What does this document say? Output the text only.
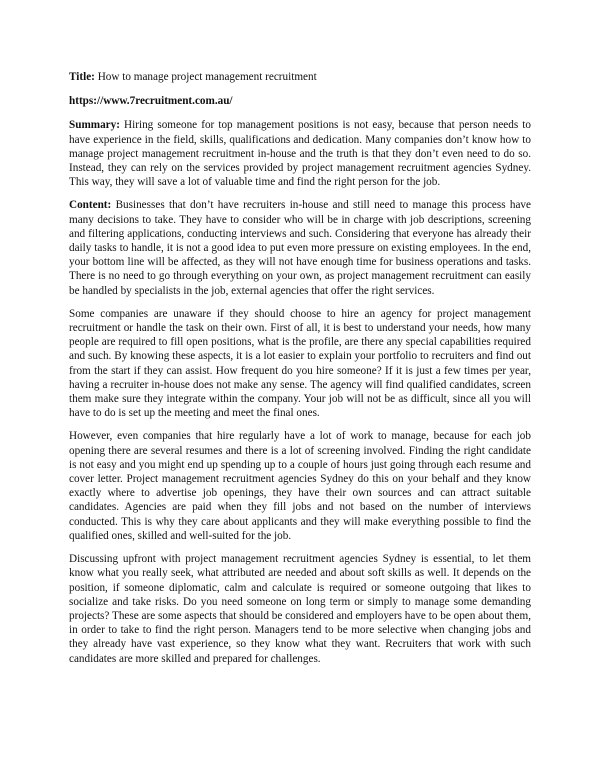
Title: How to manage project management recruitment

https://www.7recruitment.com.au/

Summary: Hiring someone for top management positions is not easy, because that person needs to have experience in the field, skills, qualifications and dedication. Many companies don’t know how to manage project management recruitment in-house and the truth is that they don’t even need to do so. Instead, they can rely on the services provided by project management recruitment agencies Sydney. This way, they will save a lot of valuable time and find the right person for the job.

Content: Businesses that don’t have recruiters in-house and still need to manage this process have many decisions to take. They have to consider who will be in charge with job descriptions, screening and filtering applications, conducting interviews and such. Considering that everyone has already their daily tasks to handle, it is not a good idea to put even more pressure on existing employees. In the end, your bottom line will be affected, as they will not have enough time for business operations and tasks. There is no need to go through everything on your own, as project management recruitment can easily be handled by specialists in the job, external agencies that offer the right services.

Some companies are unaware if they should choose to hire an agency for project management recruitment or handle the task on their own. First of all, it is best to understand your needs, how many people are required to fill open positions, what is the profile, are there any special capabilities required and such. By knowing these aspects, it is a lot easier to explain your portfolio to recruiters and find out from the start if they can assist. How frequent do you hire someone? If it is just a few times per year, having a recruiter in-house does not make any sense. The agency will find qualified candidates, screen them make sure they integrate within the company. Your job will not be as difficult, since all you will have to do is set up the meeting and meet the final ones.

However, even companies that hire regularly have a lot of work to manage, because for each job opening there are several resumes and there is a lot of screening involved. Finding the right candidate is not easy and you might end up spending up to a couple of hours just going through each resume and cover letter. Project management recruitment agencies Sydney do this on your behalf and they know exactly where to advertise job openings, they have their own sources and can attract suitable candidates. Agencies are paid when they fill jobs and not based on the number of interviews conducted. This is why they care about applicants and they will make everything possible to find the qualified ones, skilled and well-suited for the job.

Discussing upfront with project management recruitment agencies Sydney is essential, to let them know what you really seek, what attributed are needed and about soft skills as well. It depends on the position, if someone diplomatic, calm and calculate is required or someone outgoing that likes to socialize and take risks. Do you need someone on long term or simply to manage some demanding projects? These are some aspects that should be considered and employers have to be open about them, in order to take to find the right person. Managers tend to be more selective when changing jobs and they already have vast experience, so they know what they want. Recruiters that work with such candidates are more skilled and prepared for challenges.
